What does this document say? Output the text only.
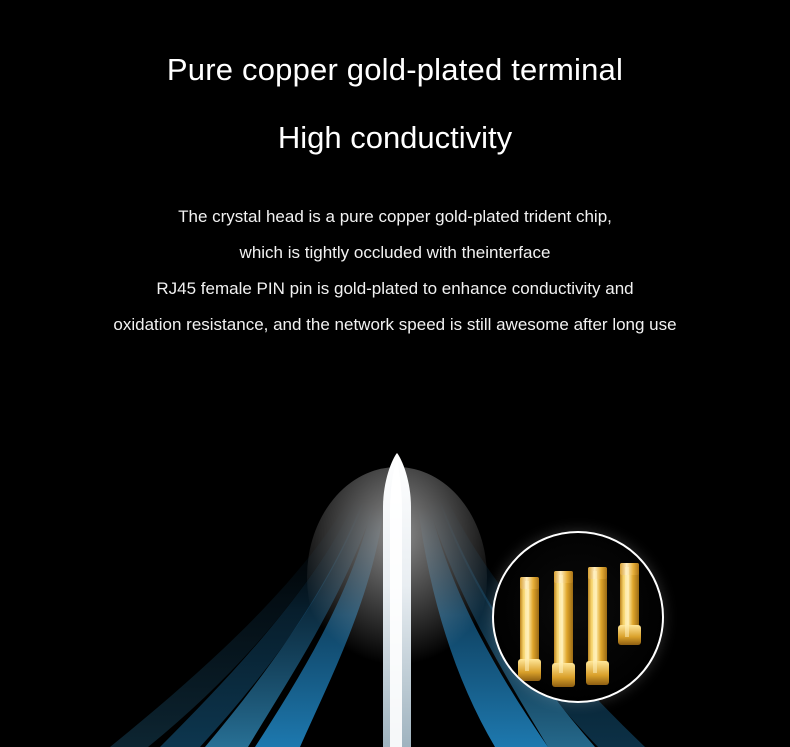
Pure copper gold-plated terminal
High conductivity
The crystal head is a pure copper gold-plated trident chip,
which is tightly occluded with theinterface
RJ45 female PIN pin is gold-plated to enhance conductivity and
oxidation resistance, and the network speed is still awesome after long use
